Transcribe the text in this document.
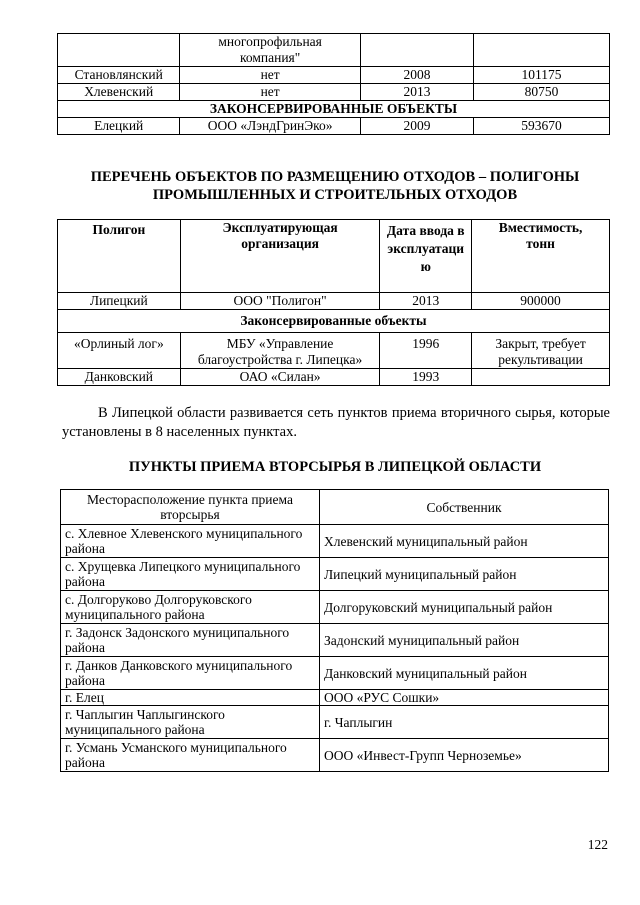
	многопрофильная компания"		
Становлянский	нет	2008	101175
Хлевенский	нет	2013	80750
ЗАКОНСЕРВИРОВАННЫЕ ОБЪЕКТЫ			
Елецкий	ООО «ЛэндГринЭко»	2009	593670
ПЕРЕЧЕНЬ ОБЪЕКТОВ ПО РАЗМЕЩЕНИЮ ОТХОДОВ – ПОЛИГОНЫ ПРОМЫШЛЕННЫХ И СТРОИТЕЛЬНЫХ ОТХОДОВ
Полигон	Эксплуатирующая организация	Дата ввода в эксплуатацию	Вместимость, тонн
Липецкий	ООО "Полигон"	2013	900000
Законсервированные объекты			
«Орлиный лог»	МБУ «Управление благоустройства г. Липецка»	1996	Закрыт, требует рекультивации
Данковский	ОАО «Силан»	1993	

В Липецкой области развивается сеть пунктов приема вторичного сырья, которые установлены в 8 населенных пунктах.

ПУНКТЫ ПРИЕМА ВТОРСЫРЬЯ В ЛИПЕЦКОЙ ОБЛАСТИ
Месторасположение пункта приема вторсырья	Собственник
с. Хлевное Хлевенского муниципального района	Хлевенский муниципальный район
с. Хрущевка Липецкого муниципального района	Липецкий муниципальный район
с. Долгоруково Долгоруковского муниципального района	Долгоруковский муниципальный район
г. Задонск Задонского муниципального района	Задонский муниципальный район
г. Данков Данковского муниципального района	Данковский муниципальный район
г. Елец	ООО «РУС Сошки»
г. Чаплыгин Чаплыгинского муниципального района	г. Чаплыгин
г. Усмань Усманского муниципального района	ООО «Инвест-Групп Черноземье»
122
